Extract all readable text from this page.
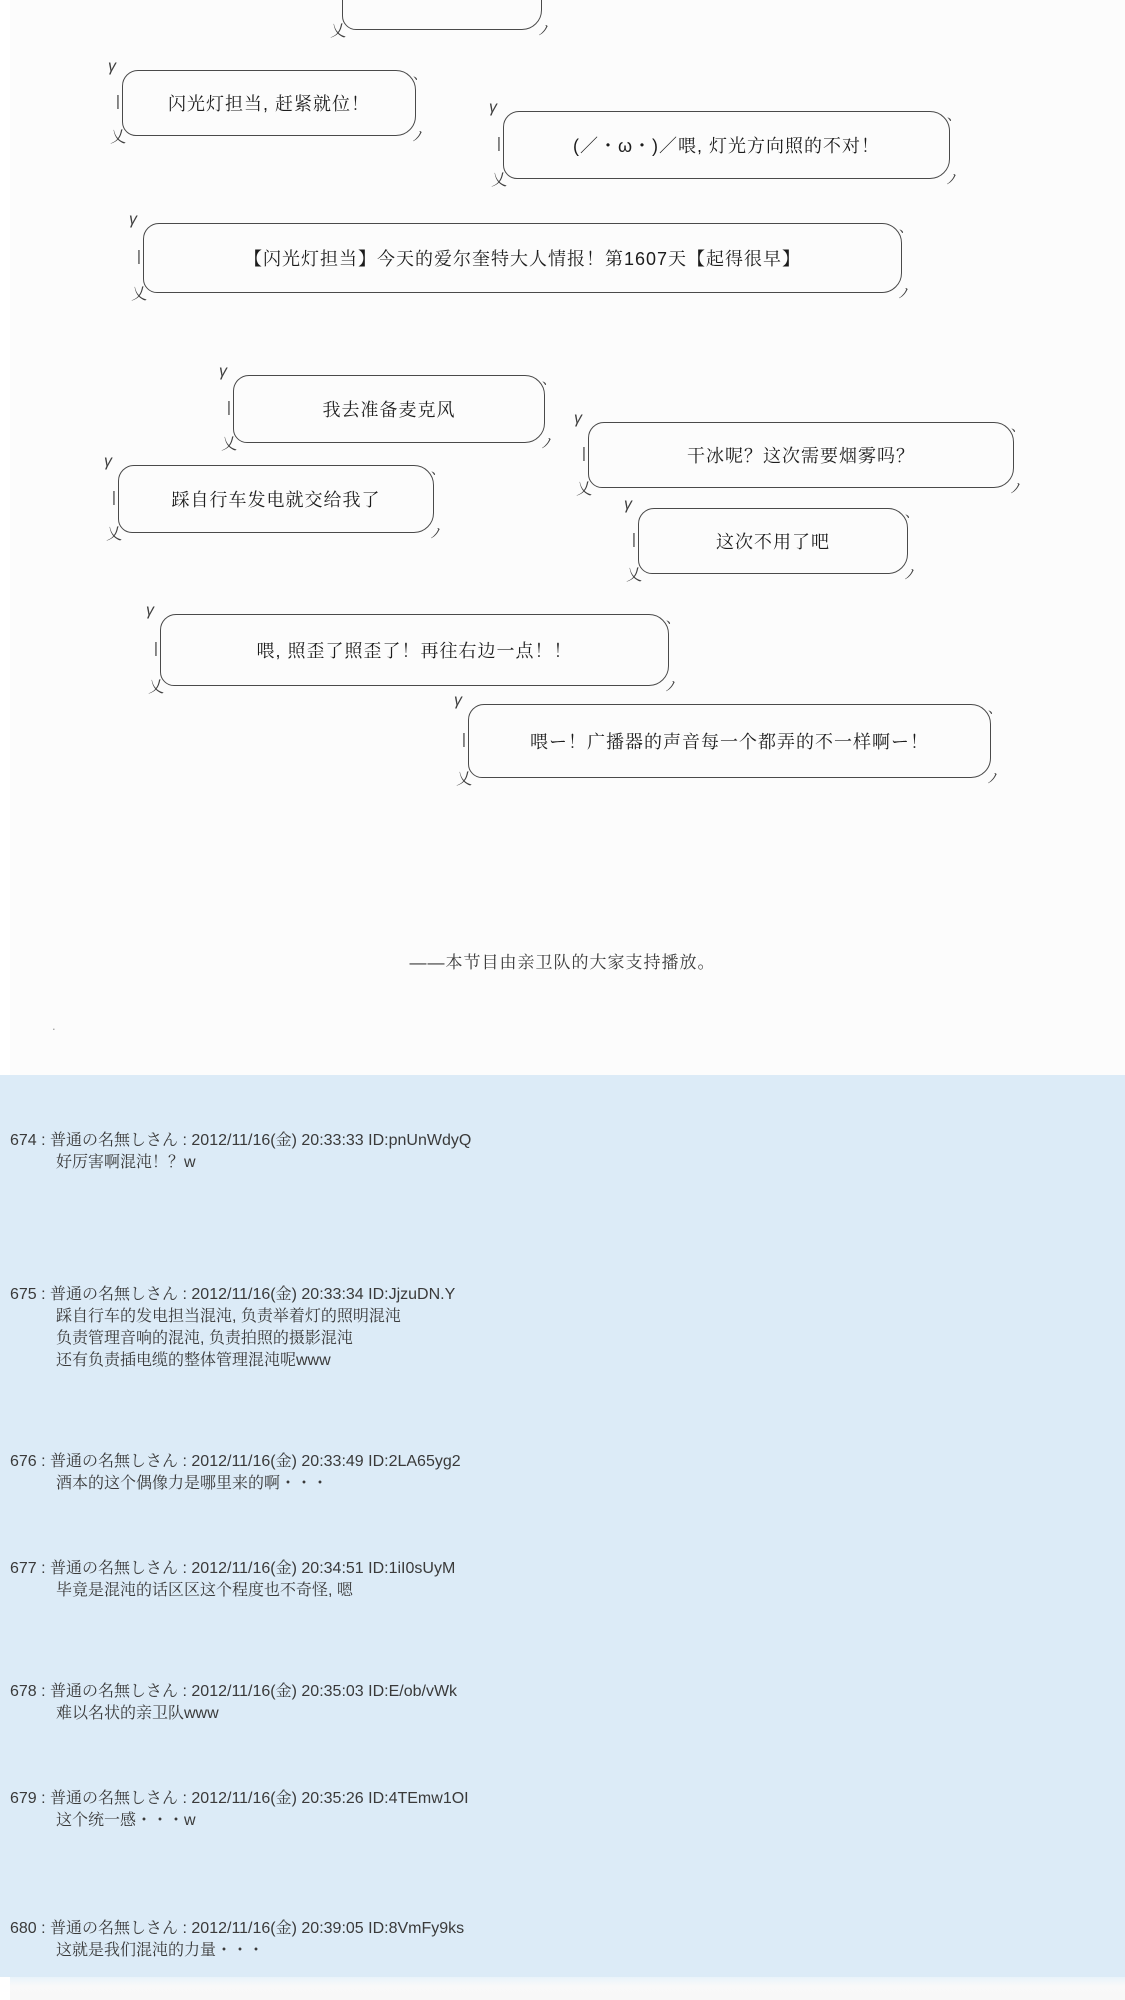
乂	ノ
γ
|
乂
、
ノ
闪光灯担当, 赶紧就位！	γ
|
乂
、
ノ
(／・ω・)／喂, 灯光方向照的不对！
γ
|
乂
、
ノ
【闪光灯担当】今天的爱尔奎特大人情报！第1607天【起得很早】
γ
|
乂
、
ノ
我去准备麦克风	γ
|
乂
、
ノ
干冰呢？这次需要烟雾吗？
γ
|
乂
、
ノ
踩自行车发电就交给我了	γ
|
乂
、
ノ
这次不用了吧
γ
|
乂
、
ノ
喂, 照歪了照歪了！再往右边一点！！
γ
|
乂
、
ノ
喂ー！广播器的声音每一个都弄的不一样啊ー！
——本节目由亲卫队的大家支持播放。
.
674 : 普通の名無しさん : 2012/11/16(金) 20:33:33 ID:pnUnWdyQ
好厉害啊混沌！？w
675 : 普通の名無しさん : 2012/11/16(金) 20:33:34 ID:JjzuDN.Y
踩自行车的发电担当混沌, 负责举着灯的照明混沌
负责管理音响的混沌, 负责拍照的摄影混沌
还有负责插电缆的整体管理混沌呢www
676 : 普通の名無しさん : 2012/11/16(金) 20:33:49 ID:2LA65yg2
酒本的这个偶像力是哪里来的啊・・・
677 : 普通の名無しさん : 2012/11/16(金) 20:34:51 ID:1iI0sUyM
毕竟是混沌的话区区这个程度也不奇怪, 嗯
678 : 普通の名無しさん : 2012/11/16(金) 20:35:03 ID:E/ob/vWk
难以名状的亲卫队www
679 : 普通の名無しさん : 2012/11/16(金) 20:35:26 ID:4TEmw1OI
这个统一感・・・w
680 : 普通の名無しさん : 2012/11/16(金) 20:39:05 ID:8VmFy9ks
这就是我们混沌的力量・・・
